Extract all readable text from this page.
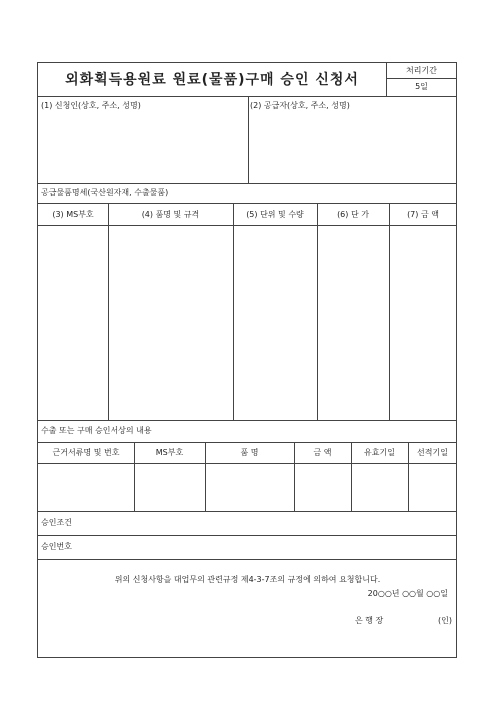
외화획득용원료 원료(물품)구매 승인 신청서
처리기간
5일
(1) 신청인(상호, 주소, 성명)	(2) 공급자(상호, 주소, 성명)
공급물품명세(국산원자재, 수출물품)
(3) MS부호	(4) 품명 및 규격	(5) 단위 및 수량	(6) 단 가	(7) 금 액
수출 또는 구매 승인서상의 내용
근거서류명 및 번호	MS부호	품 명	금 액	유효기일	선적기일
승인조건
승인번호
위의 신청사항을 대업무의 관련규정 제4-3-7조의 규정에 의하여 요청합니다.
20○○년 ○○월 ○○일
은 행 장	(인)
